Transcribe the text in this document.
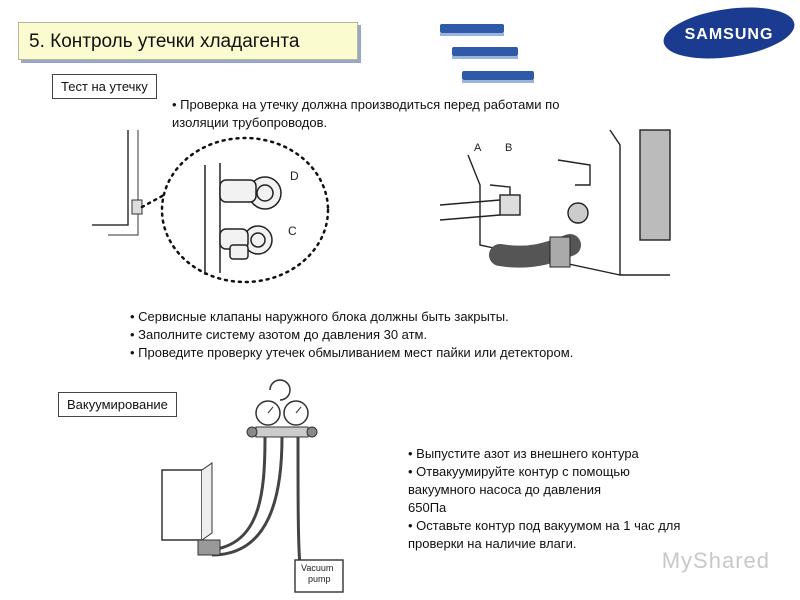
5. Контроль утечки хладагента	SAMSUNG
Тест на утечку
• Проверка на утечку должна производиться перед работами по
изоляции трубопроводов.
D
C
A B
• Сервисные клапаны наружного блока должны быть закрыты.
• Заполните систему азотом до давления 30 атм.
• Проведите проверку утечек обмыливанием мест пайки или детектором.
Вакуумирование
Vacuum
pump
• Выпустите азот из внешнего контура
• Отвакуумируйте контур с помощью
вакуумного насоса до давления
650Па
• Оставьте контур под вакуумом на 1 час для
проверки на наличие влаги.
MyShared
